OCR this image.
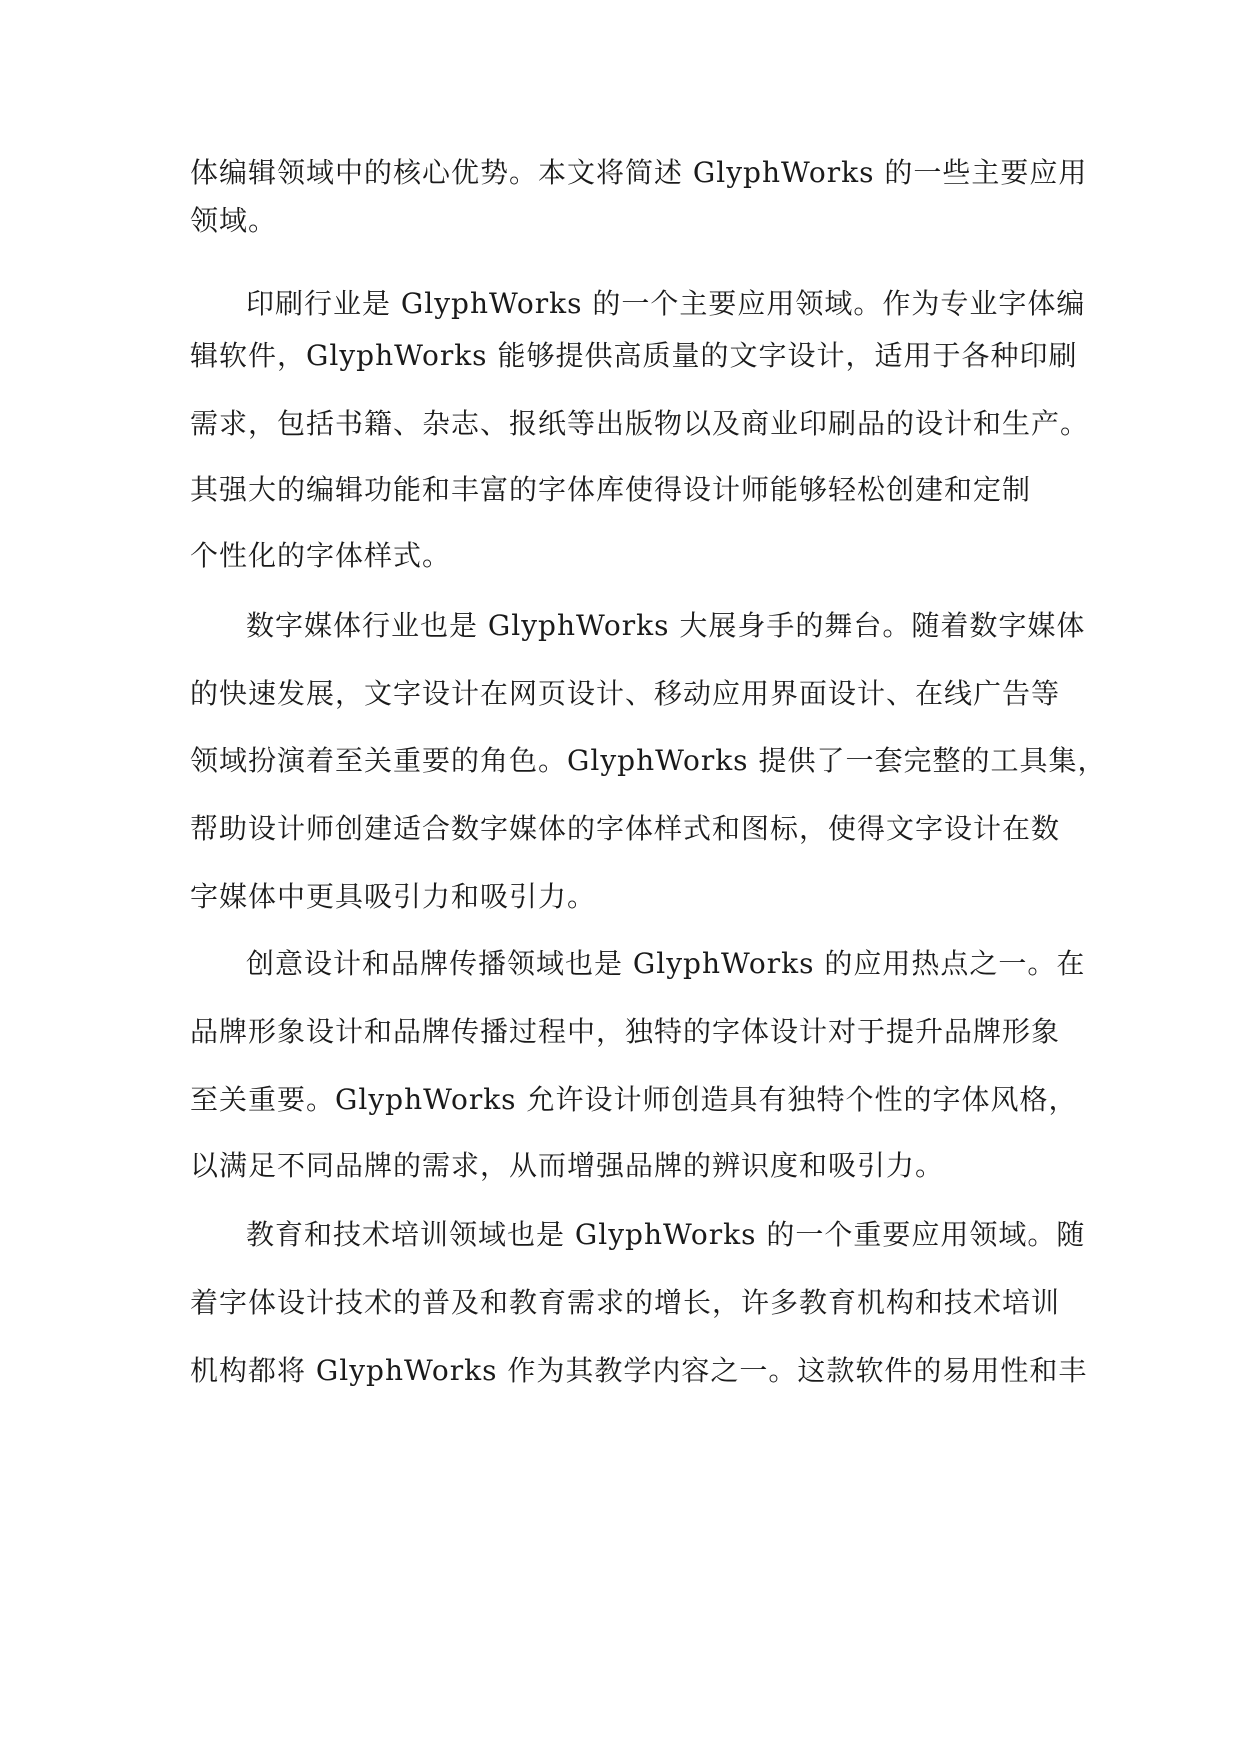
体编辑领域中的核心优势。本文将简述 GlyphWorks 的一些主要应用
领域。
印刷行业是 GlyphWorks 的一个主要应用领域。作为专业字体编
辑软件，GlyphWorks 能够提供高质量的文字设计，适用于各种印刷
需求，包括书籍、杂志、报纸等出版物以及商业印刷品的设计和生产。
其强大的编辑功能和丰富的字体库使得设计师能够轻松创建和定制
个性化的字体样式。
数字媒体行业也是 GlyphWorks 大展身手的舞台。随着数字媒体
的快速发展，文字设计在网页设计、移动应用界面设计、在线广告等
领域扮演着至关重要的角色。GlyphWorks 提供了一套完整的工具集，
帮助设计师创建适合数字媒体的字体样式和图标，使得文字设计在数
字媒体中更具吸引力和吸引力。
创意设计和品牌传播领域也是 GlyphWorks 的应用热点之一。在
品牌形象设计和品牌传播过程中，独特的字体设计对于提升品牌形象
至关重要。GlyphWorks 允许设计师创造具有独特个性的字体风格，
以满足不同品牌的需求，从而增强品牌的辨识度和吸引力。
教育和技术培训领域也是 GlyphWorks 的一个重要应用领域。随
着字体设计技术的普及和教育需求的增长，许多教育机构和技术培训
机构都将 GlyphWorks 作为其教学内容之一。这款软件的易用性和丰
